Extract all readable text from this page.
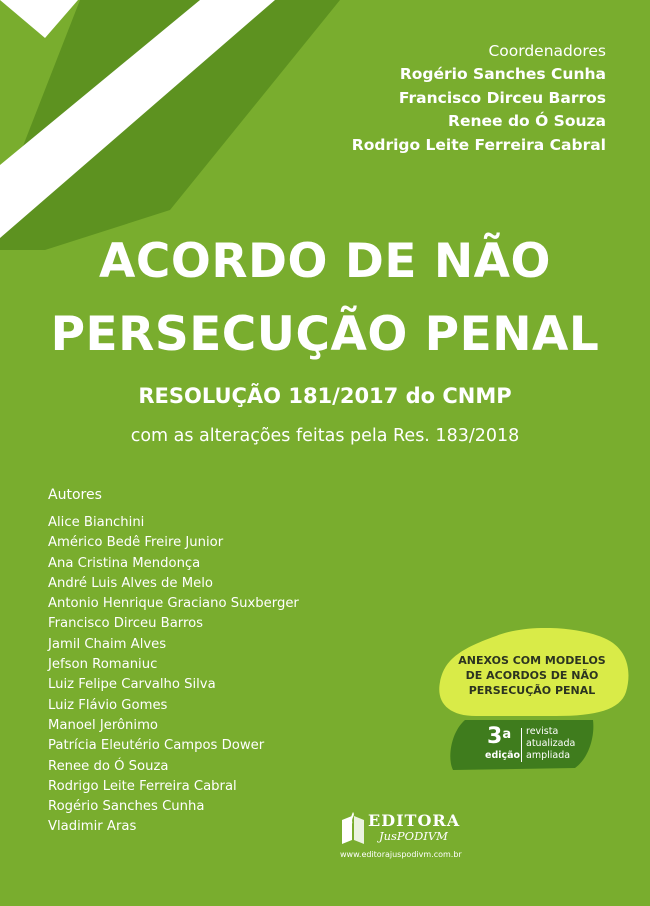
Coordenadores
Rogério Sanches Cunha
Francisco Dirceu Barros
Renee do Ó Souza
Rodrigo Leite Ferreira Cabral
ACORDO DE NÃO
PERSECUÇÃO PENAL
RESOLUÇÃO 181/2017 do CNMP
com as alterações feitas pela Res. 183/2018
Autores
Alice Bianchini
Américo Bedê Freire Junior
Ana Cristina Mendonça
André Luis Alves de Melo
Antonio Henrique Graciano Suxberger
Francisco Dirceu Barros
Jamil Chaim Alves
Jefson Romaniuc
Luiz Felipe Carvalho Silva
Luiz Flávio Gomes
Manoel Jerônimo
Patrícia Eleutério Campos Dower
Renee do Ó Souza
Rodrigo Leite Ferreira Cabral
Rogério Sanches Cunha
Vladimir Aras
ANEXOS COM MODELOS
DE ACORDOS DE NÃO
PERSECUÇÃO PENAL
3$^a$
edição
revista
atualizada
ampliada
EDITORA
JusPODIVM
www.editorajuspodivm.com.br
